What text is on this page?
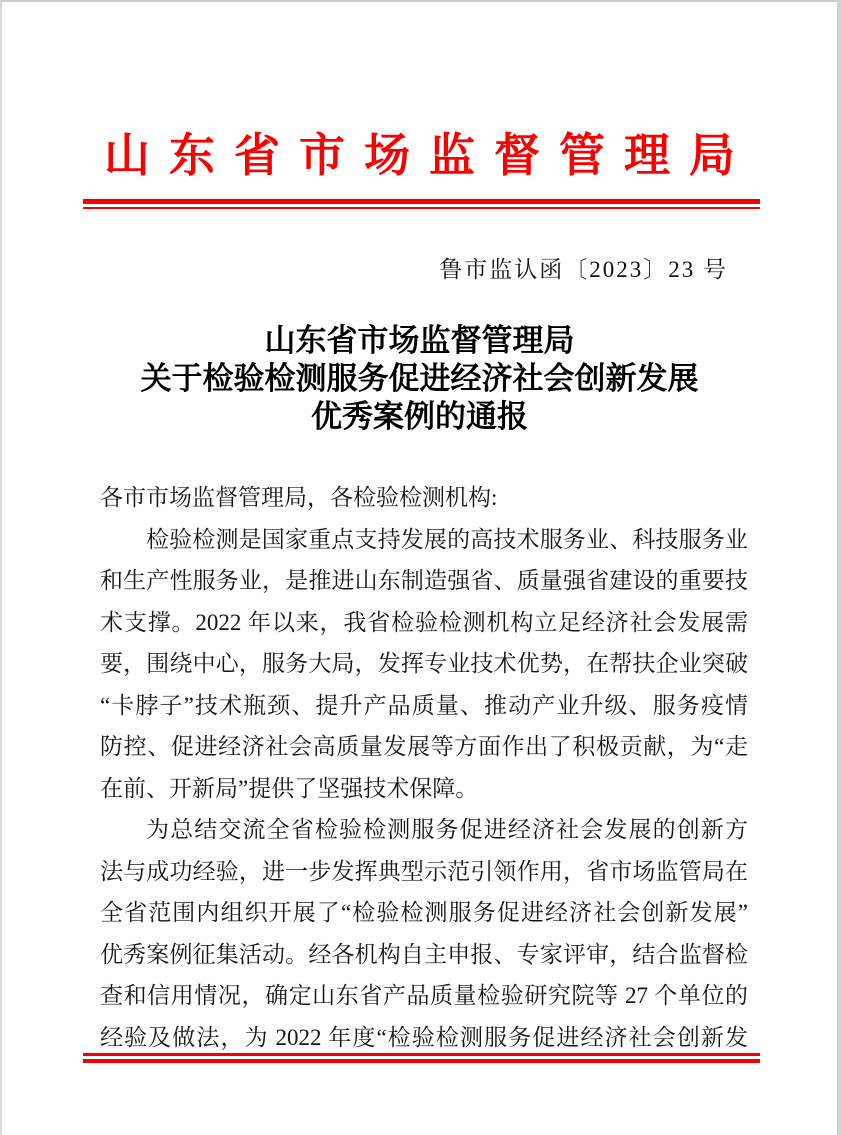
山东省市场监督管理局
鲁市监认函〔2023〕23 号
山东省市场监督管理局
关于检验检测服务促进经济社会创新发展
优秀案例的通报
各市市场监督管理局，各检验检测机构:
检验检测是国家重点支持发展的高技术服务业、科技服务业
和生产性服务业，是推进山东制造强省、质量强省建设的重要技
术支撑。2022 年以来，我省检验检测机构立足经济社会发展需
要，围绕中心，服务大局，发挥专业技术优势，在帮扶企业突破
“卡脖子”技术瓶颈、提升产品质量、推动产业升级、服务疫情
防控、促进经济社会高质量发展等方面作出了积极贡献，为“走
在前、开新局”提供了坚强技术保障。
为总结交流全省检验检测服务促进经济社会发展的创新方
法与成功经验，进一步发挥典型示范引领作用，省市场监管局在
全省范围内组织开展了“检验检测服务促进经济社会创新发展”
优秀案例征集活动。经各机构自主申报、专家评审，结合监督检
查和信用情况，确定山东省产品质量检验研究院等 27 个单位的
经验及做法，为 2022 年度“检验检测服务促进经济社会创新发
